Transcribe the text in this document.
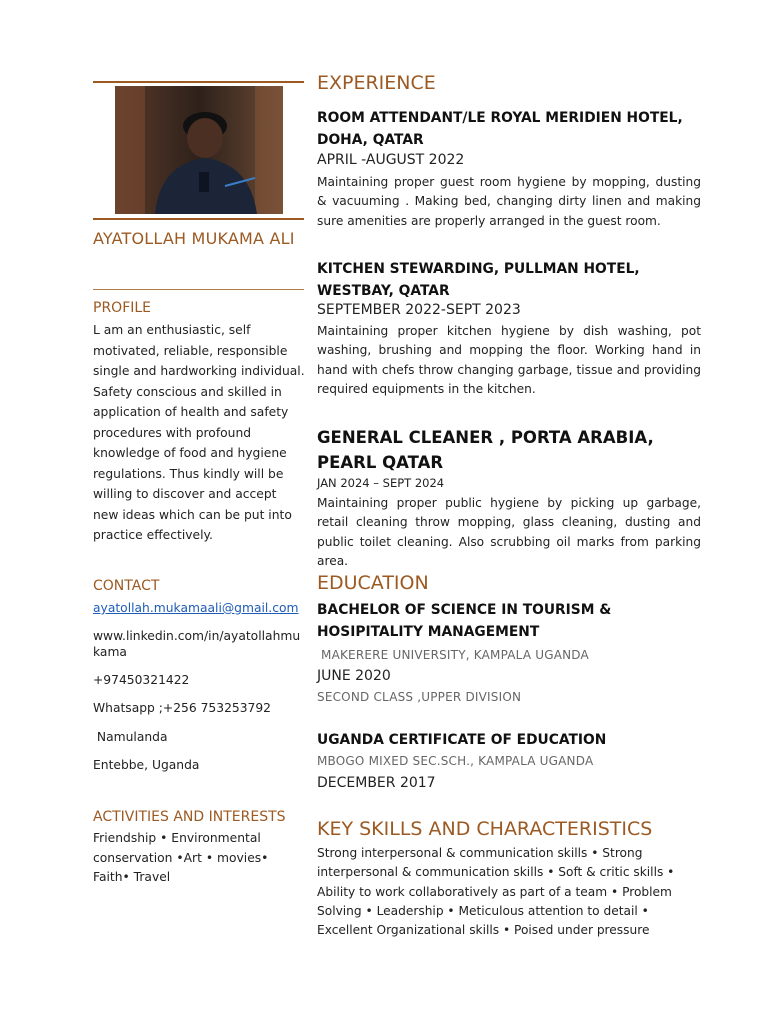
AYATOLLAH MUKAMA ALI
PROFILE
L am an enthusiastic, self motivated, reliable, responsible single and hardworking individual. Safety conscious and skilled in application of health and safety procedures with profound knowledge of food and hygiene regulations. Thus kindly will be willing to discover and accept new ideas which can be put into practice effectively.
CONTACT
ayatollah.mukamaali@gmail.com
www.linkedin.com/in/ayatollahmukama
+97450321422
Whatsapp ;+256 753253792
Namulanda
Entebbe, Uganda
ACTIVITIES AND INTERESTS
Friendship • Environmental conservation •Art • movies• Faith• Travel
EXPERIENCE
ROOM ATTENDANT/LE ROYAL MERIDIEN HOTEL, DOHA, QATAR
APRIL -AUGUST 2022
Maintaining proper guest room hygiene by mopping, dusting & vacuuming . Making bed, changing dirty linen and making sure amenities are properly arranged in the guest room.
KITCHEN STEWARDING, PULLMAN HOTEL, WESTBAY, QATAR
SEPTEMBER 2022-SEPT 2023
Maintaining proper kitchen hygiene by dish washing, pot washing, brushing and mopping the floor. Working hand in hand with chefs throw changing garbage, tissue and providing required equipments in the kitchen.
GENERAL CLEANER , PORTA ARABIA, PEARL QATAR
JAN 2024 – SEPT 2024
Maintaining proper public hygiene by picking up garbage, retail cleaning throw mopping, glass cleaning, dusting and public toilet cleaning. Also scrubbing oil marks from parking area.
EDUCATION
BACHELOR OF SCIENCE IN TOURISM & HOSIPITALITY MANAGEMENT
MAKERERE UNIVERSITY, KAMPALA UGANDA
JUNE 2020
SECOND CLASS ,UPPER DIVISION
UGANDA CERTIFICATE OF EDUCATION
MBOGO MIXED SEC.SCH., KAMPALA UGANDA
DECEMBER 2017
KEY SKILLS AND CHARACTERISTICS
Strong interpersonal & communication skills • Strong interpersonal & communication skills • Soft & critic skills • Ability to work collaboratively as part of a team • Problem Solving • Leadership • Meticulous attention to detail • Excellent Organizational skills • Poised under pressure
